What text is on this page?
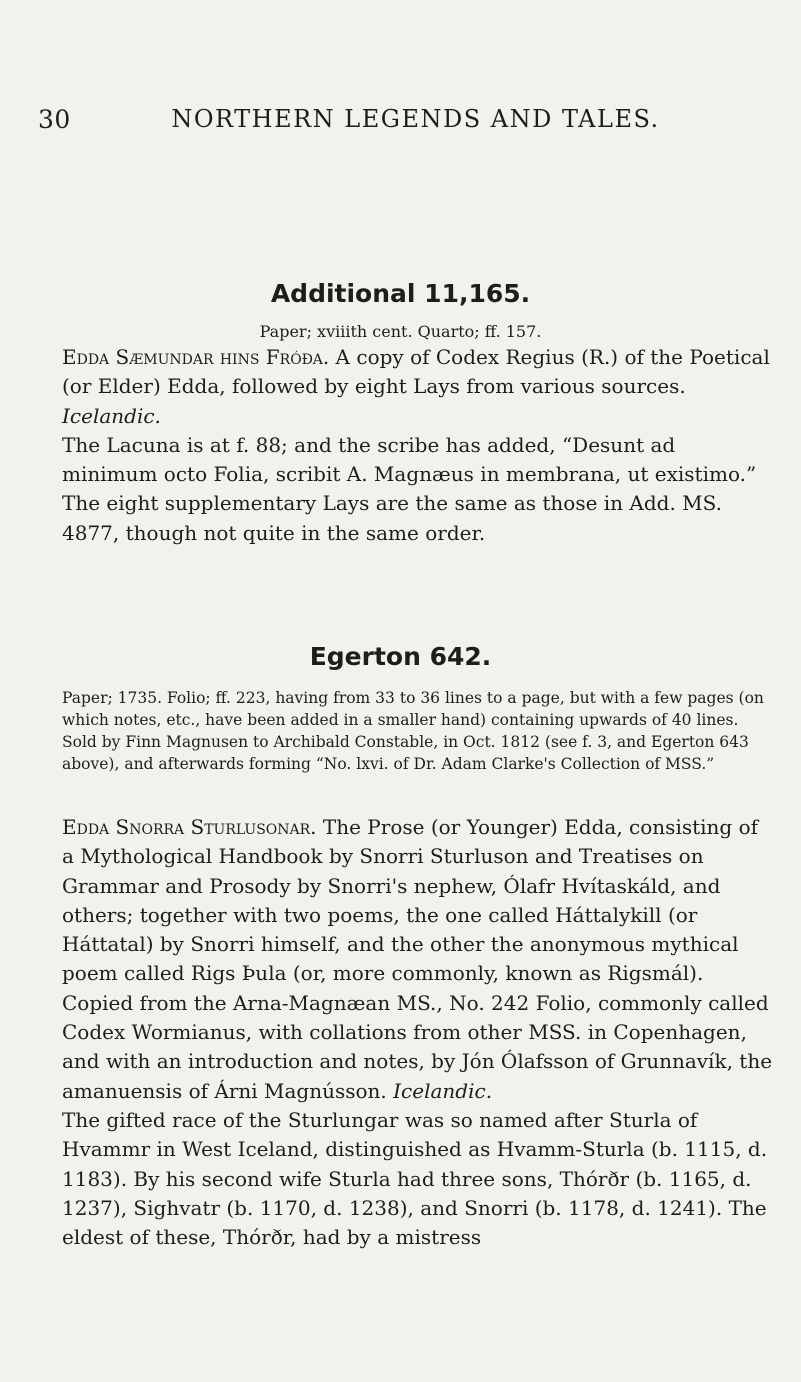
30	NORTHERN LEGENDS AND TALES.
Additional 11,165.
Paper; xviiith cent. Quarto; ff. 157.

Edda Sæmundar hins Fróða. A copy of Codex Regius (R.) of the Poetical (or Elder) Edda, followed by eight Lays from various sources. Icelandic.

The Lacuna is at f. 88; and the scribe has added, “Desunt ad minimum octo Folia, scribit A. Magnæus in membrana, ut existimo.” The eight supplementary Lays are the same as those in Add. MS. 4877, though not quite in the same order.

Egerton 642.

Paper; 1735. Folio; ff. 223, having from 33 to 36 lines to a page, but with a few pages (on which notes, etc., have been added in a smaller hand) containing upwards of 40 lines.

Sold by Finn Magnusen to Archibald Constable, in Oct. 1812 (see f. 3, and Egerton 643 above), and afterwards forming “No. lxvi. of Dr. Adam Clarke's Collection of MSS.”

Edda Snorra Sturlusonar. The Prose (or Younger) Edda, consisting of a Mythological Handbook by Snorri Sturluson and Treatises on Grammar and Prosody by Snorri's nephew, Ólafr Hvítaskáld, and others; together with two poems, the one called Háttalykill (or Háttatal) by Snorri himself, and the other the anonymous mythical poem called Rigs Þula (or, more commonly, known as Rigsmál). Copied from the Arna-Magnæan MS., No. 242 Folio, commonly called Codex Wormianus, with collations from other MSS. in Copenhagen, and with an introduction and notes, by Jón Ólafsson of Grunnavík, the amanuensis of Árni Magnússon. Icelandic.

The gifted race of the Sturlungar was so named after Sturla of Hvammr in West Iceland, distinguished as Hvamm-Sturla (b. 1115, d. 1183). By his second wife Sturla had three sons, Thórðr (b. 1165, d. 1237), Sighvatr (b. 1170, d. 1238), and Snorri (b. 1178, d. 1241). The eldest of these, Thórðr, had by a mistress
